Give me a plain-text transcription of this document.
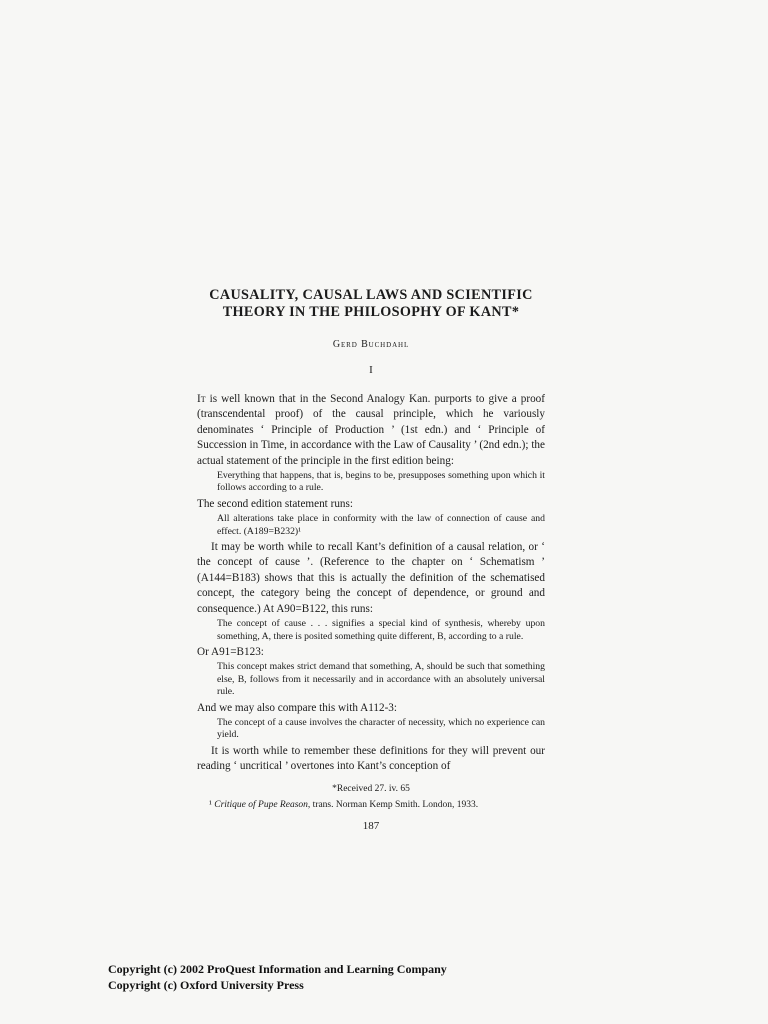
CAUSALITY, CAUSAL LAWS AND SCIENTIFIC
THEORY IN THE PHILOSOPHY OF KANT*
Gerd Buchdahl
I

It is well known that in the Second Analogy Kan. purports to give a proof (transcendental proof) of the causal principle, which he variously denominates ‘ Principle of Production ’ (1st edn.) and ‘ Principle of Succession in Time, in accordance with the Law of Causality ’ (2nd edn.); the actual statement of the principle in the first edition being:

Everything that happens, that is, begins to be, presupposes something upon which it follows according to a rule.

The second edition statement runs:

All alterations take place in conformity with the law of connection of cause and effect. (A189=B232)¹

It may be worth while to recall Kant’s definition of a causal relation, or ‘ the concept of cause ’. (Reference to the chapter on ‘ Schematism ’ (A144=B183) shows that this is actually the definition of the schematised concept, the category being the concept of dependence, or ground and consequence.) At A90=B122, this runs:

The concept of cause . . . signifies a special kind of synthesis, whereby upon something, A, there is posited something quite different, B, according to a rule.

Or A91=B123:

This concept makes strict demand that something, A, should be such that something else, B, follows from it necessarily and in accordance with an absolutely universal rule.

And we may also compare this with A112-3:

The concept of a cause involves the character of necessity, which no experience can yield.

It is worth while to remember these definitions for they will prevent our reading ‘ uncritical ’ overtones into Kant’s conception of

*Received 27. iv. 65
¹ Critique of Pupe Reason, trans. Norman Kemp Smith. London, 1933.
187
Copyright (c) 2002 ProQuest Information and Learning Company
Copyright (c) Oxford University Press
